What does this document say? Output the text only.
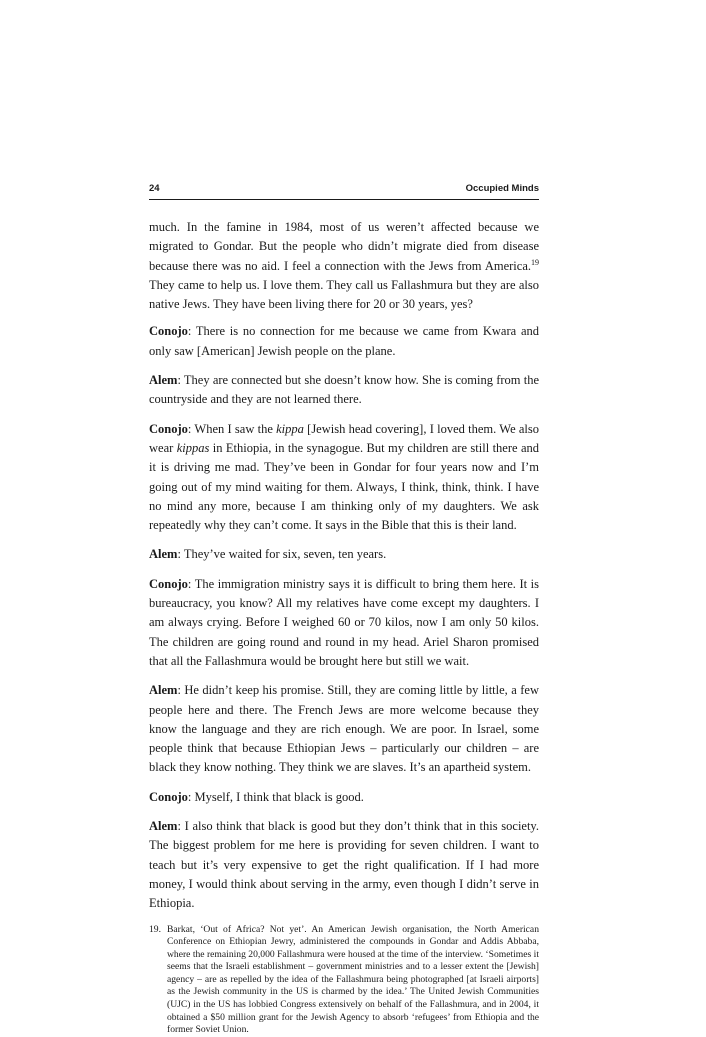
24	Occupied Minds

much. In the famine in 1984, most of us weren’t affected because we migrated to Gondar. But the people who didn’t migrate died from disease because there was no aid. I feel a connection with the Jews from America.$^{19}$ They came to help us. I love them. They call us Fallashmura but they are also native Jews. They have been living there for 20 or 30 years, yes?

Conojo: There is no connection for me because we came from Kwara and only saw [American] Jewish people on the plane.

Alem: They are connected but she doesn’t know how. She is coming from the countryside and they are not learned there.

Conojo: When I saw the kippa [Jewish head covering], I loved them. We also wear kippas in Ethiopia, in the synagogue. But my children are still there and it is driving me mad. They’ve been in Gondar for four years now and I’m going out of my mind waiting for them. Always, I think, think, think. I have no mind any more, because I am thinking only of my daughters. We ask repeatedly why they can’t come. It says in the Bible that this is their land.

Alem: They’ve waited for six, seven, ten years.

Conojo: The immigration ministry says it is difficult to bring them here. It is bureaucracy, you know? All my relatives have come except my daughters. I am always crying. Before I weighed 60 or 70 kilos, now I am only 50 kilos. The children are going round and round in my head. Ariel Sharon promised that all the Fallashmura would be brought here but still we wait.

Alem: He didn’t keep his promise. Still, they are coming little by little, a few people here and there. The French Jews are more welcome because they know the language and they are rich enough. We are poor. In Israel, some people think that because Ethiopian Jews – particularly our children – are black they know nothing. They think we are slaves. It’s an apartheid system.

Conojo: Myself, I think that black is good.

Alem: I also think that black is good but they don’t think that in this society. The biggest problem for me here is providing for seven children. I want to teach but it’s very expensive to get the right qualification. If I had more money, I would think about serving in the army, even though I didn’t serve in Ethiopia.

19. Barkat, ‘Out of Africa? Not yet’. An American Jewish organisation, the North American Conference on Ethiopian Jewry, administered the compounds in Gondar and Addis Abbaba, where the remaining 20,000 Fallashmura were housed at the time of the interview. ‘Sometimes it seems that the Israeli establishment – government ministries and to a lesser extent the [Jewish] agency – are as repelled by the idea of the Fallashmura being photographed [at Israeli airports] as the Jewish community in the US is charmed by the idea.’ The United Jewish Communities (UJC) in the US has lobbied Congress extensively on behalf of the Fallashmura, and in 2004, it obtained a $50 million grant for the Jewish Agency to absorb ‘refugees’ from Ethiopia and the former Soviet Union.
